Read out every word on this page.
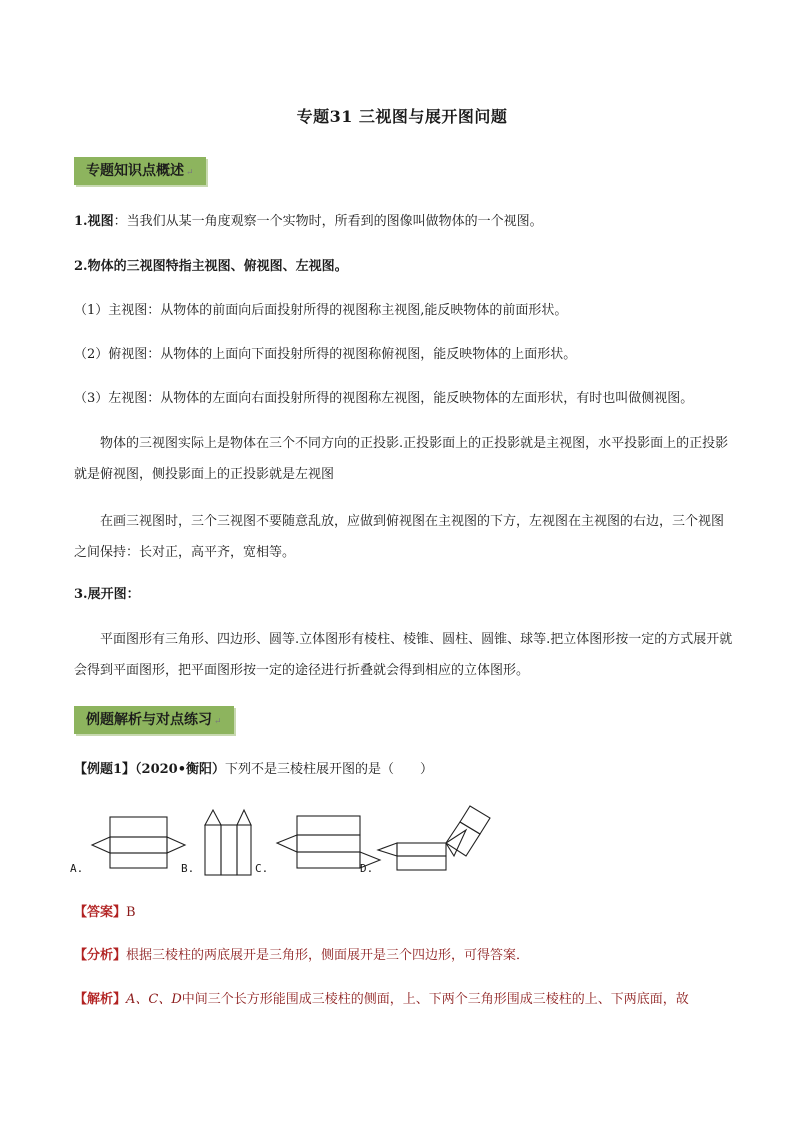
专题31 三视图与展开图问题
专题知识点概述 ↵
1.视图：当我们从某一角度观察一个实物时，所看到的图像叫做物体的一个视图。
2.物体的三视图特指主视图、俯视图、左视图。
（1）主视图：从物体的前面向后面投射所得的视图称主视图,能反映物体的前面形状。
（2）俯视图：从物体的上面向下面投射所得的视图称俯视图，能反映物体的上面形状。
（3）左视图：从物体的左面向右面投射所得的视图称左视图，能反映物体的左面形状，有时也叫做侧视图。
物体的三视图实际上是物体在三个不同方向的正投影.正投影面上的正投影就是主视图，水平投影面上的正投影就是俯视图，侧投影面上的正投影就是左视图
在画三视图时，三个三视图不要随意乱放，应做到俯视图在主视图的下方，左视图在主视图的右边，三个视图之间保持：长对正，高平齐，宽相等。
3.展开图：
平面图形有三角形、四边形、圆等.立体图形有棱柱、棱锥、圆柱、圆锥、球等.把立体图形按一定的方式展开就会得到平面图形，把平面图形按一定的途径进行折叠就会得到相应的立体图形。
例题解析与对点练习 ↵
【例题1】（2020•衡阳）下列不是三棱柱展开图的是（　　）
A.	B.	C.	D.
【答案】B
【分析】根据三棱柱的两底展开是三角形，侧面展开是三个四边形，可得答案．
【解析】A、C、D中间三个长方形能围成三棱柱的侧面，上、下两个三角形围成三棱柱的上、下两底面，故
